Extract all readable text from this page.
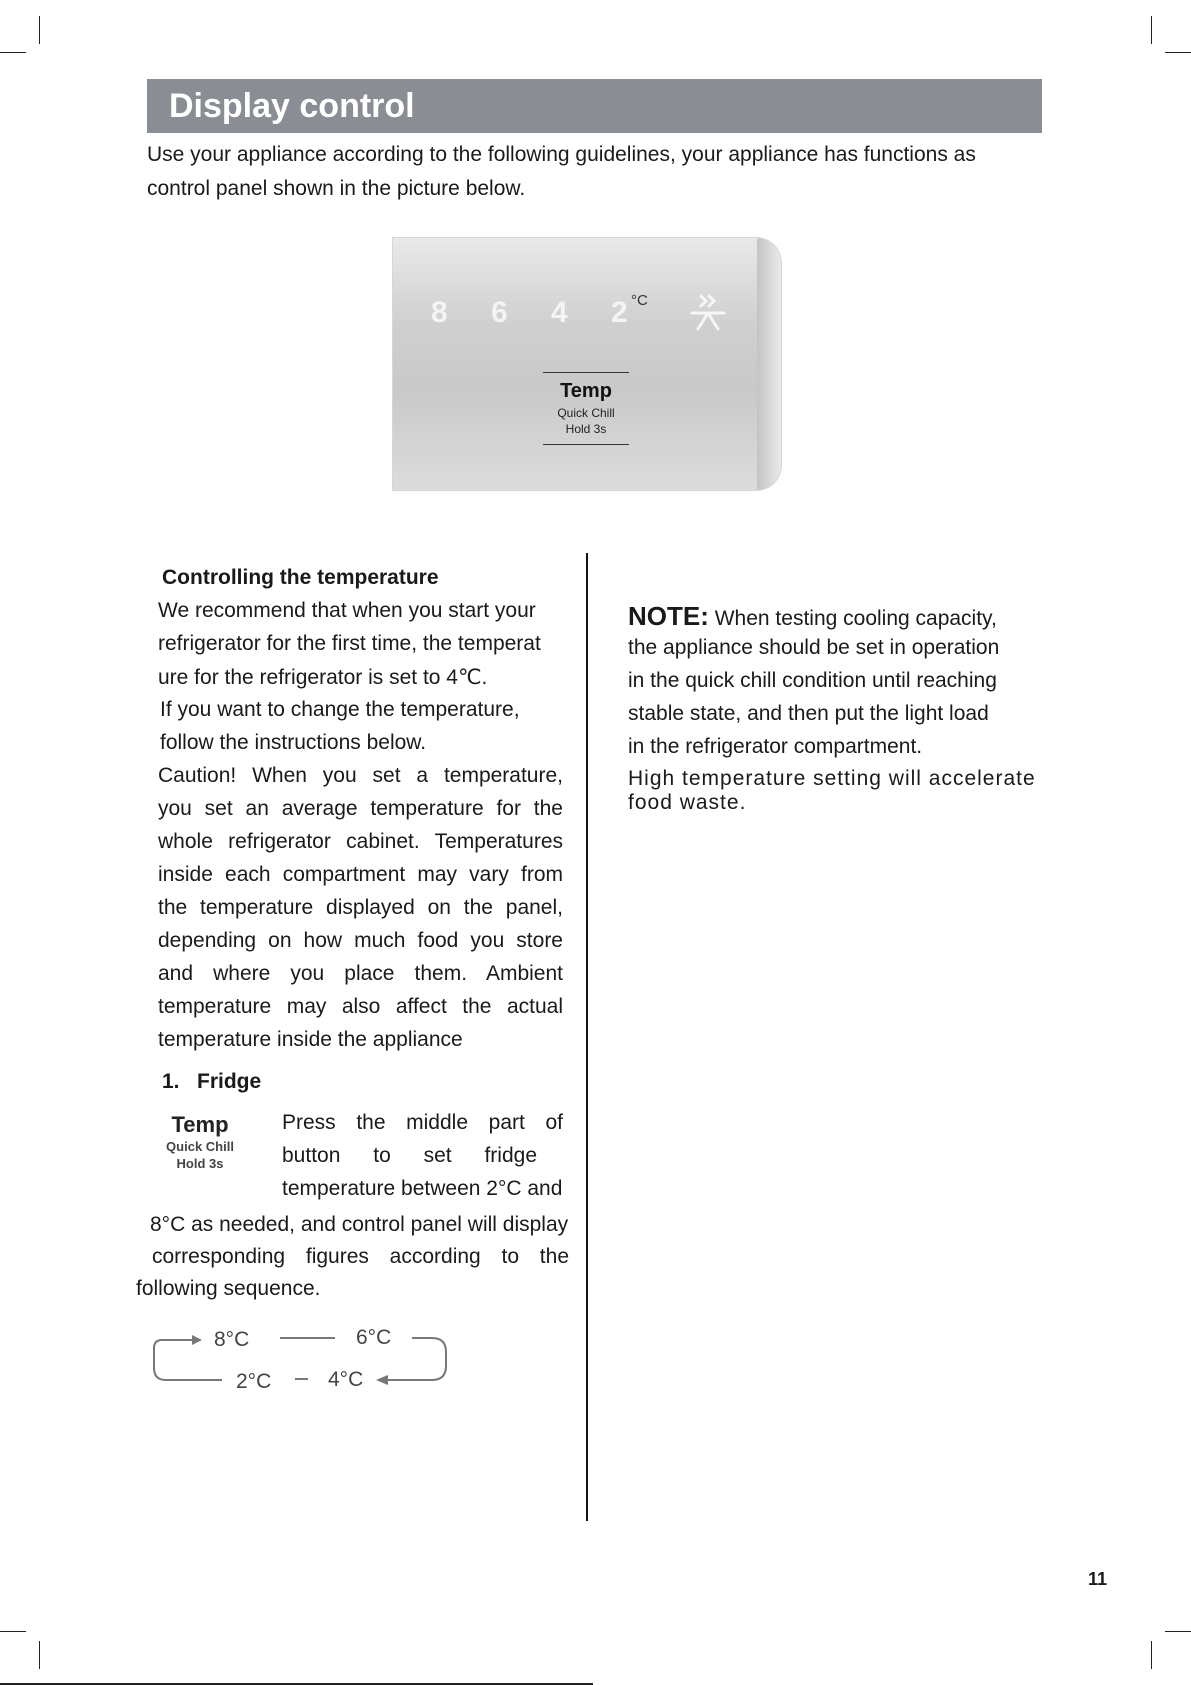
Display control
Use your appliance according to the following guidelines, your appliance has functions as
control panel shown in the picture below.
8 6 4 2 °C
Temp
Quick Chill
Hold 3s

Controlling the temperature

We recommend that when you start your

refrigerator for the first time, the temperat

ure for the refrigerator is set to 4℃.

If you want to change the temperature,

follow the instructions below.

Caution! When you set a temperature,

you set an average temperature for the

whole refrigerator cabinet. Temperatures

inside each compartment may vary from

the temperature displayed on the panel,

depending on how much food you store

and where you place them. Ambient

temperature may also affect the actual

temperature inside the appliance

1.   Fridge

Temp
Quick Chill
Hold 3s

Press the middle part of

button to set fridge

temperature between 2°C and

8°C as needed, and control panel will display

corresponding figures according to the

following sequence.

8°C	6°C
2°C	4°C

NOTE: When testing cooling capacity,

the appliance should be set in operation

in the quick chill condition until reaching

stable state, and then put the light load

in the refrigerator compartment.

High temperature setting will accelerate

food waste.

11
